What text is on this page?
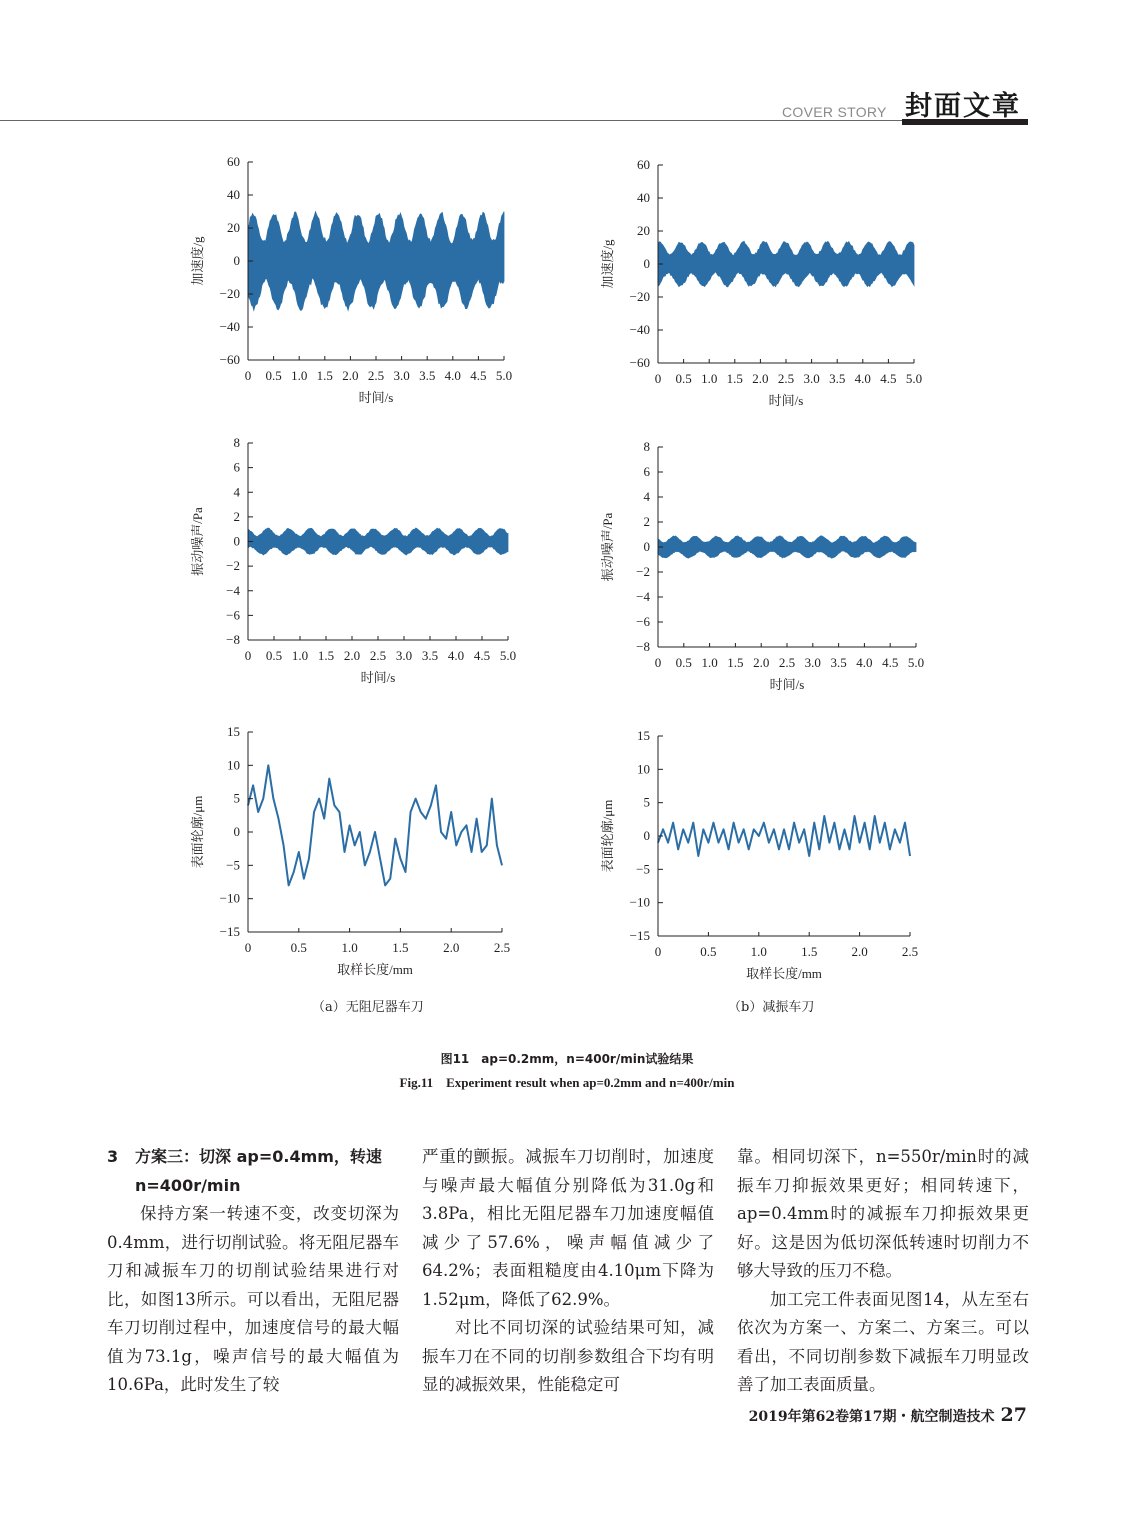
COVER STORY 封面文章
60
40
20
0
−20
−40
−60
0 0.5 1.0 1.5 2.0 2.5 3.0 3.5 4.0 4.5 5.0
时间/s
加速度/g
60
40
20
0
−20
−40
−60
0 0.5 1.0 1.5 2.0 2.5 3.0 3.5 4.0 4.5 5.0
时间/s
加速度/g
8
6
4
2
0
−2
−4
−6
−8
0 0.5 1.0 1.5 2.0 2.5 3.0 3.5 4.0 4.5 5.0
时间/s
振动噪声/Pa
8
6
4
2
0
−2
−4
−6
−8
0 0.5 1.0 1.5 2.0 2.5 3.0 3.5 4.0 4.5 5.0
时间/s
振动噪声/Pa
15
10
5
0
−5
−10
−15
0	0.5	1.0	1.5	2.0	2.5
取样长度/mm
表面轮廓/μm
15
10
5
0
−5
−10
−15
0	0.5	1.0	1.5	2.0	2.5
取样长度/mm
表面轮廓/μm
（a）无阻尼器车刀	（b）减振车刀
图11　ap=0.2mm，n=400r/min试验结果
Fig.11　Experiment result when ap=0.2mm and n=400r/min
3 方案三：切深 ap=0.4mm，转速
n=400r/min

保持方案一转速不变，改变切深为0.4mm，进行切削试验。将无阻尼器车刀和减振车刀的切削试验结果进行对比，如图13所示。可以看出，无阻尼器车刀切削过程中，加速度信号的最大幅值为73.1g，噪声信号的最大幅值为10.6Pa，此时发生了较

严重的颤振。减振车刀切削时，加速度与噪声最大幅值分别降低为31.0g和3.8Pa，相比无阻尼器车刀加速度幅值减少了57.6%，噪声幅值减少了64.2%；表面粗糙度由4.10μm下降为1.52μm，降低了62.9%。

对比不同切深的试验结果可知，减振车刀在不同的切削参数组合下均有明显的减振效果，性能稳定可

靠。相同切深下，n=550r/min时的减振车刀抑振效果更好；相同转速下，ap=0.4mm时的减振车刀抑振效果更好。这是因为低切深低转速时切削力不够大导致的压刀不稳。

加工完工件表面见图14，从左至右依次为方案一、方案二、方案三。可以看出，不同切削参数下减振车刀明显改善了加工表面质量。

2019年第62卷第17期・航空制造技术 27
